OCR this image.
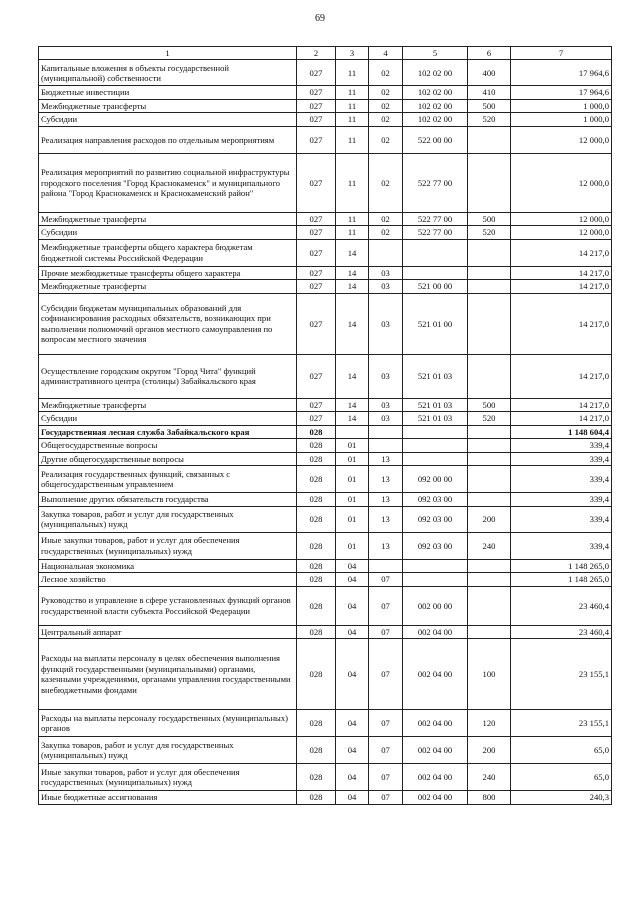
69
1	2	3	4	5	6	7
Капитальные вложения в объекты государственной (муниципальной) собственности	027	11	02	102 02 00	400	17 964,6
Бюджетные инвестиции	027	11	02	102 02 00	410	17 964,6
Межбюджетные трансферты	027	11	02	102 02 00	500	1 000,0
Субсидии	027	11	02	102 02 00	520	1 000,0
Реализация направления расходов по отдельным мероприятиям	027	11	02	522 00 00		12 000,0
Реализация мероприятий по развитию социальной инфраструктуры городского поселения "Город Краснокаменск" и муниципального района "Город Краснокаменск и Краснокаменский район"	027	11	02	522 77 00		12 000,0
Межбюджетные трансферты	027	11	02	522 77 00	500	12 000,0
Субсидии	027	11	02	522 77 00	520	12 000,0
Межбюджетные трансферты общего характера бюджетам бюджетной системы Российской Федерации	027	14				14 217,0
Прочие межбюджетные трансферты общего характера	027	14	03			14 217,0
Межбюджетные трансферты	027	14	03	521 00 00		14 217,0
Субсидии бюджетам муниципальных образований для софинансирования расходных обязательств, возникающих при выполнении полномочий органов местного самоуправления по вопросам местного значения	027	14	03	521 01 00		14 217,0
Осуществление городским округом "Город Чита" функций административного центра (столицы) Забайкальского края	027	14	03	521 01 03		14 217,0
Межбюджетные трансферты	027	14	03	521 01 03	500	14 217,0
Субсидии	027	14	03	521 01 03	520	14 217,0
Государственная лесная служба Забайкальского края	028					1 148 604,4
Общегосударственные вопросы	028	01				339,4
Другие общегосударственные вопросы	028	01	13			339,4
Реализация государственных функций, связанных с общегосударственным управлением	028	01	13	092 00 00		339,4
Выполнение других обязательств государства	028	01	13	092 03 00		339,4
Закупка товаров, работ и услуг для государственных (муниципальных) нужд	028	01	13	092 03 00	200	339,4
Иные закупки товаров, работ и услуг для обеспечения государственных (муниципальных) нужд	028	01	13	092 03 00	240	339,4
Национальная экономика	028	04				1 148 265,0
Лесное хозяйство	028	04	07			1 148 265,0
Руководство и управление в сфере установленных функций органов государственной власти субъекта Российской Федерации	028	04	07	002 00 00		23 460,4
Центральный аппарат	028	04	07	002 04 00		23 460,4
Расходы на выплаты персоналу в целях обеспечения выполнения функций государственными (муниципальными) органами, казенными учреждениями, органами управления государственными внебюджетными фондами	028	04	07	002 04 00	100	23 155,1
Расходы на выплаты персоналу государственных (муниципальных) органов	028	04	07	002 04 00	120	23 155,1
Закупка товаров, работ и услуг для государственных (муниципальных) нужд	028	04	07	002 04 00	200	65,0
Иные закупки товаров, работ и услуг для обеспечения государственных (муниципальных) нужд	028	04	07	002 04 00	240	65,0
Иные бюджетные ассигнования	028	04	07	002 04 00	800	240,3
